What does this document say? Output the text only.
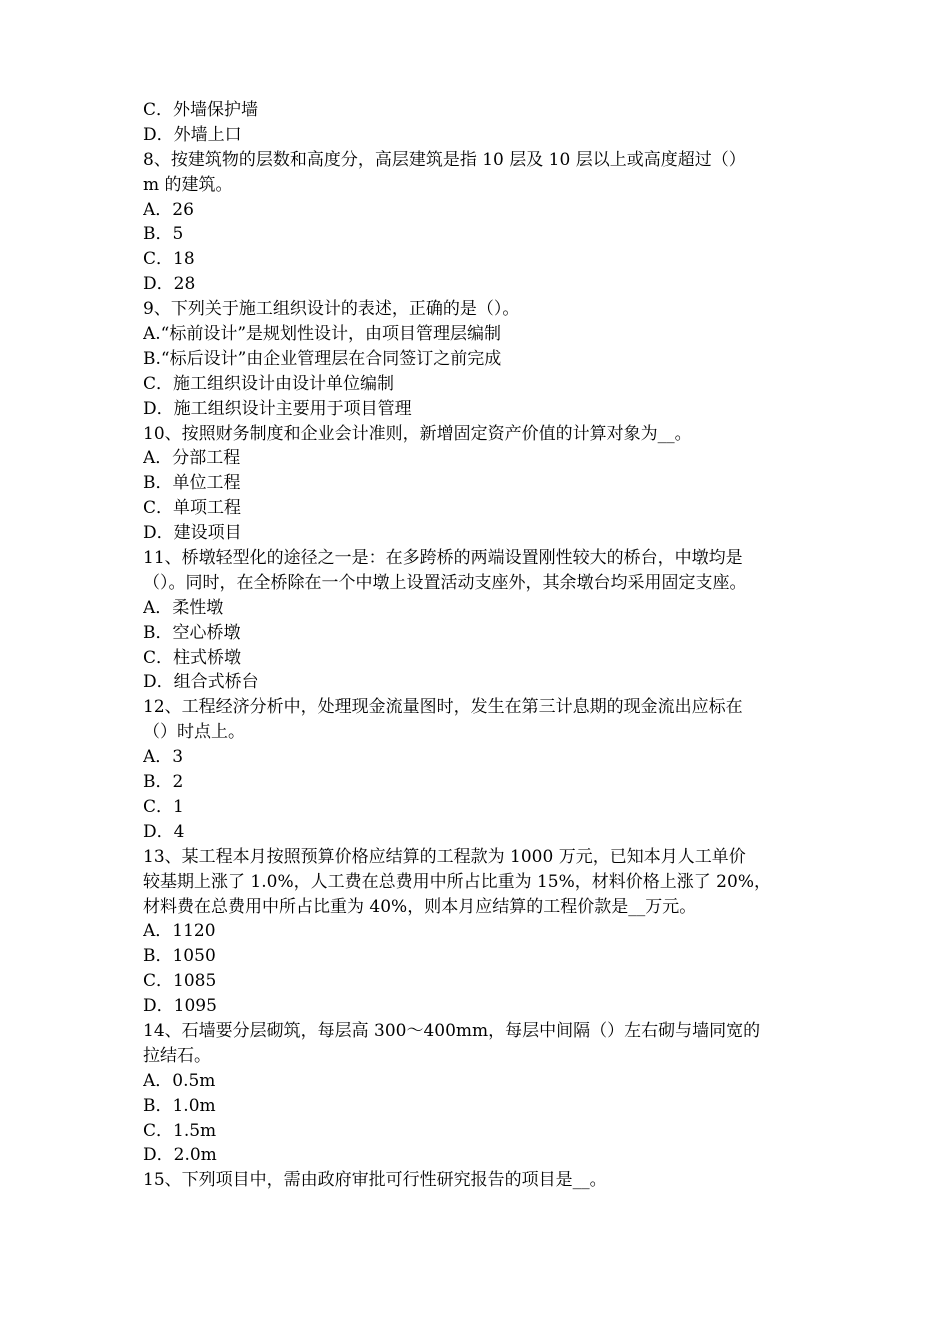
C．外墙保护墙
D．外墙上口
8、按建筑物的层数和高度分，高层建筑是指 10 层及 10 层以上或高度超过（）
m 的建筑。
A．26
B．5
C．18
D．28
9、下列关于施工组织设计的表述，正确的是（）。
A.“标前设计”是规划性设计，由项目管理层编制
B.“标后设计”由企业管理层在合同签订之前完成
C．施工组织设计由设计单位编制
D．施工组织设计主要用于项目管理
10、按照财务制度和企业会计准则，新增固定资产价值的计算对象为__。
A．分部工程
B．单位工程
C．单项工程
D．建设项目
11、桥墩轻型化的途径之一是：在多跨桥的两端设置刚性较大的桥台，中墩均是
（）。同时，在全桥除在一个中墩上设置活动支座外，其余墩台均采用固定支座。
A．柔性墩
B．空心桥墩
C．柱式桥墩
D．组合式桥台
12、工程经济分析中，处理现金流量图时，发生在第三计息期的现金流出应标在
（）时点上。
A．3
B．2
C．1
D．4
13、某工程本月按照预算价格应结算的工程款为 1000 万元，已知本月人工单价
较基期上涨了 1.0%，人工费在总费用中所占比重为 15%，材料价格上涨了 20%，
材料费在总费用中所占比重为 40%，则本月应结算的工程价款是__万元。
A．1120
B．1050
C．1085
D．1095
14、石墙要分层砌筑，每层高 300～400mm，每层中间隔（）左右砌与墙同宽的
拉结石。
A．0.5m
B．1.0m
C．1.5m
D．2.0m
15、下列项目中，需由政府审批可行性研究报告的项目是__。
